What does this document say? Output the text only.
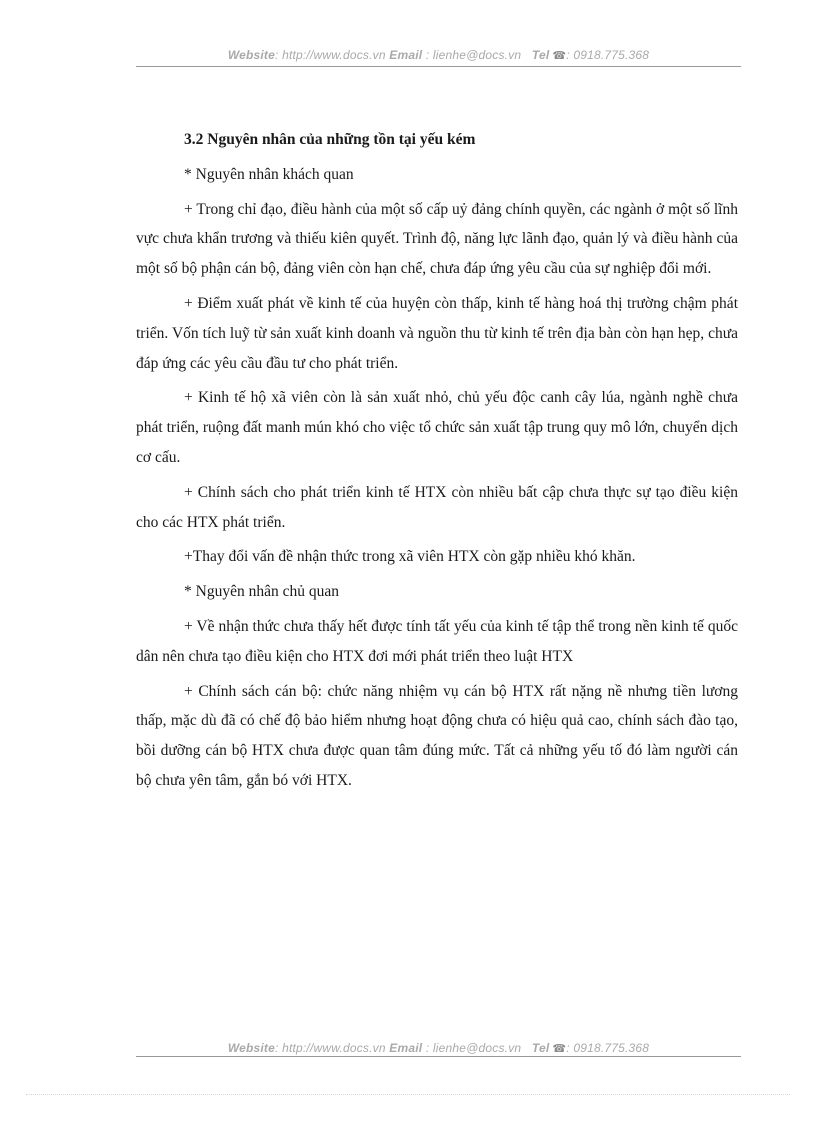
Website: http://www.docs.vn Email : lienhe@docs.vn Tel ☎: 0918.775.368

3.2 Nguyên nhân của những tồn tại yếu kém

* Nguyên nhân khách quan

+ Trong chỉ đạo, điều hành của một số cấp uỷ đảng chính quyền, các ngành ở một số lĩnh vực chưa khẩn trương và thiếu kiên quyết. Trình độ, năng lực lãnh đạo, quản lý và điều hành của một số bộ phận cán bộ, đảng viên còn hạn chế, chưa đáp ứng yêu cầu của sự nghiệp đổi mới.

+ Điểm xuất phát về kinh tế của huyện còn thấp, kinh tế hàng hoá thị trường chậm phát triển. Vốn tích luỹ từ sản xuất kinh doanh và nguồn thu từ kinh tế trên địa bàn còn hạn hẹp, chưa đáp ứng các yêu cầu đầu tư cho phát triển.

+ Kinh tế hộ xã viên còn là sản xuất nhỏ, chủ yếu độc canh cây lúa, ngành nghề chưa phát triển, ruộng đất manh mún khó cho việc tổ chức sản xuất tập trung quy mô lớn, chuyển dịch cơ cấu.

+ Chính sách cho phát triển kinh tế HTX còn nhiều bất cập chưa thực sự tạo điều kiện cho các HTX phát triển.

+Thay đổi vấn đề nhận thức trong xã viên HTX còn gặp nhiều khó khăn.

* Nguyên nhân chủ quan

+ Về nhận thức chưa thấy hết được tính tất yếu của kinh tế tập thể trong nền kinh tế quốc dân nên chưa tạo điều kiện cho HTX đơi mới phát triển theo luật HTX

+ Chính sách cán bộ: chức năng nhiệm vụ cán bộ HTX rất nặng nề nhưng tiền lương thấp, mặc dù đã có chế độ bảo hiểm nhưng hoạt động chưa có hiệu quả cao, chính sách đào tạo, bồi dưỡng cán bộ HTX chưa được quan tâm đúng mức. Tất cả những yếu tố đó làm người cán bộ chưa yên tâm, gắn bó với HTX.

Website: http://www.docs.vn Email : lienhe@docs.vn Tel ☎: 0918.775.368
